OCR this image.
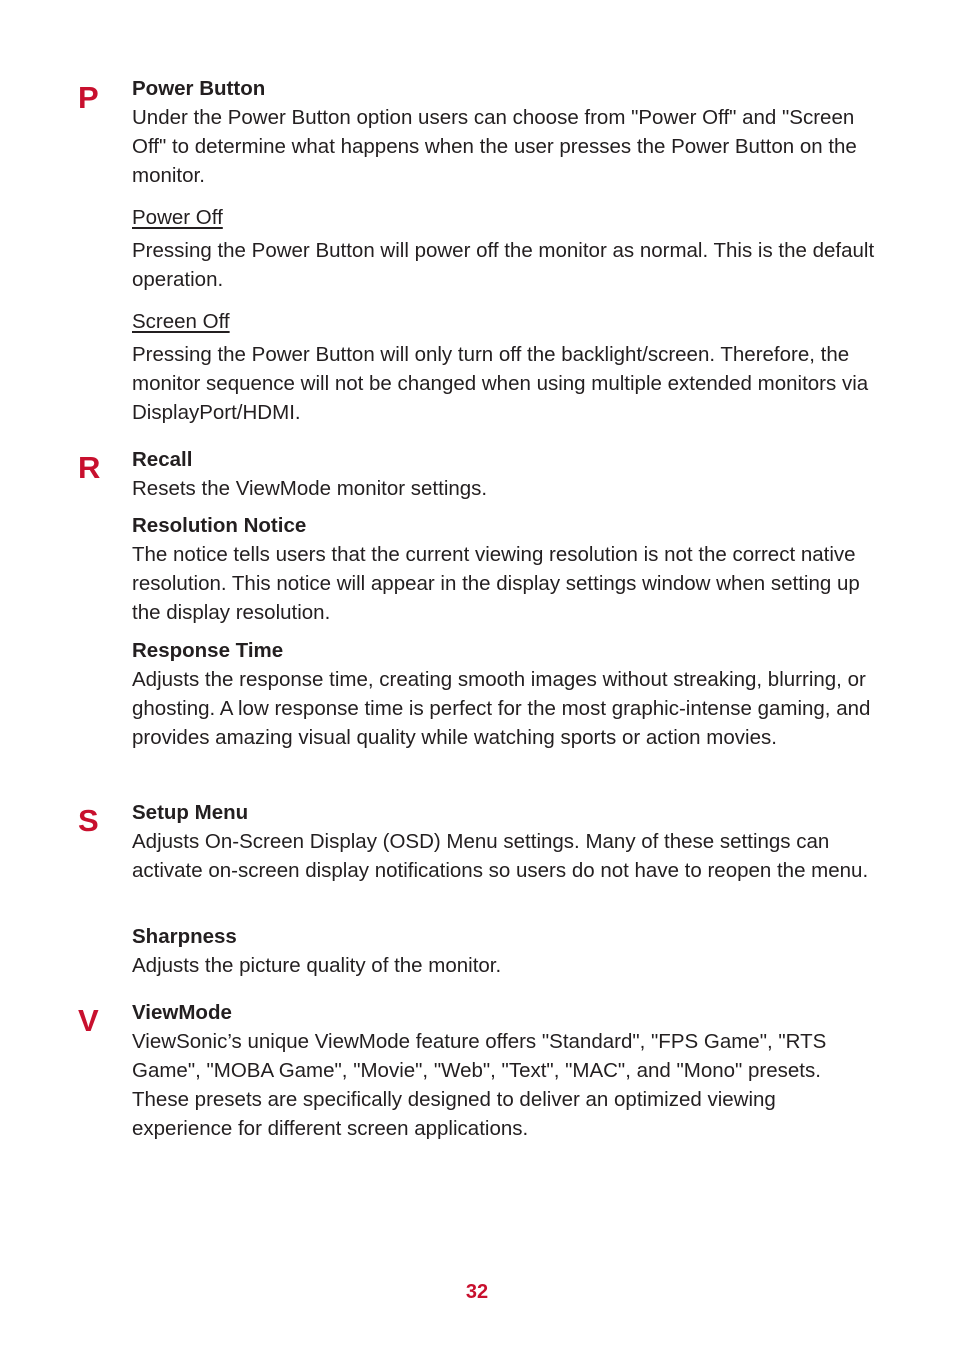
P Power Button

Under the Power Button option users can choose from "Power Off" and "Screen Off" to determine what happens when the user presses the Power Button on the monitor.

Power Off

Pressing the Power Button will power off the monitor as normal. This is the default operation.

Screen Off

Pressing the Power Button will only turn off the backlight/screen. Therefore, the monitor sequence will not be changed when using multiple extended monitors via DisplayPort/HDMI.

R Recall

Resets the ViewMode monitor settings.

Resolution Notice

The notice tells users that the current viewing resolution is not the correct native resolution. This notice will appear in the display settings window when setting up the display resolution.

Response Time

Adjusts the response time, creating smooth images without streaking, blurring, or ghosting. A low response time is perfect for the most graphic-intense gaming, and provides amazing visual quality while watching sports or action movies.

S Setup Menu

Adjusts On-Screen Display (OSD) Menu settings. Many of these settings can activate on-screen display notifications so users do not have to reopen the menu.

Sharpness

Adjusts the picture quality of the monitor.

V ViewMode

ViewSonic’s unique ViewMode feature offers "Standard", "FPS Game", "RTS Game", "MOBA Game", "Movie", "Web", "Text", "MAC", and "Mono" presets. These presets are specifically designed to deliver an optimized viewing experience for different screen applications.

32
